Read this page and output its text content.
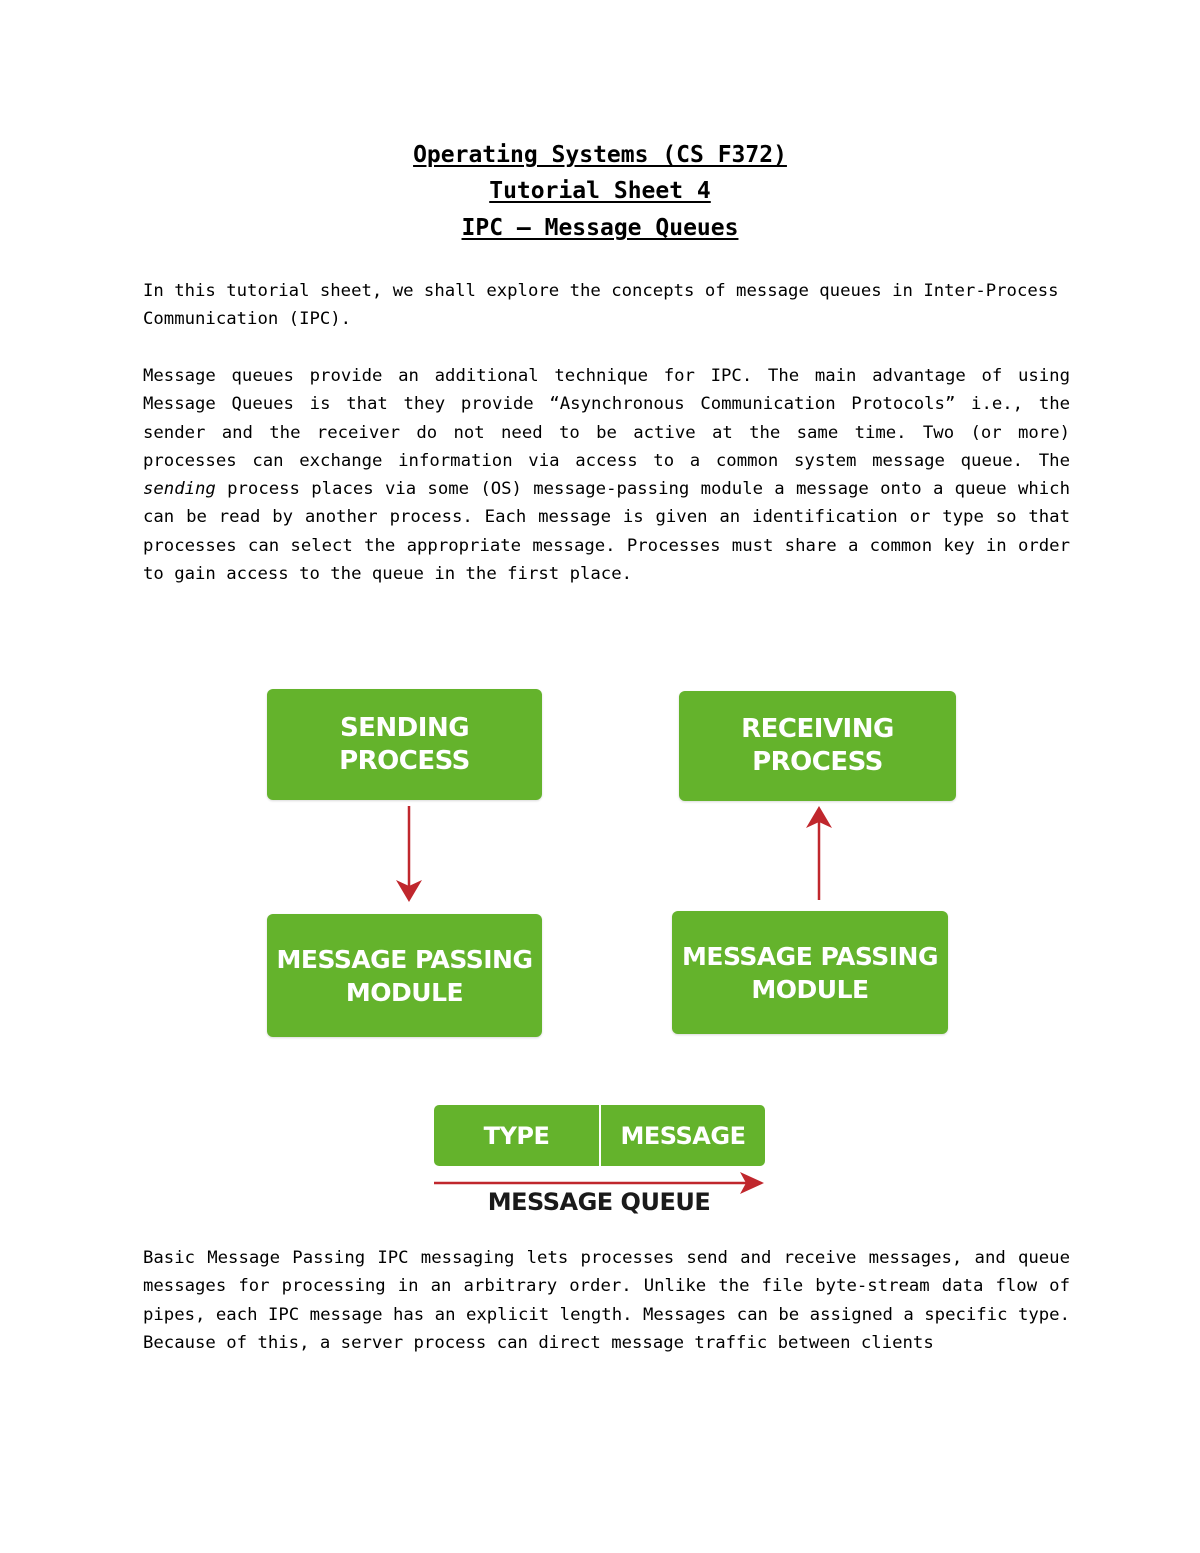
Operating Systems (CS F372)
Tutorial Sheet 4
IPC – Message Queues

In this tutorial sheet, we shall explore the concepts of message queues in Inter-Process Communication (IPC).

Message queues provide an additional technique for IPC. The main advantage of using Message Queues is that they provide “Asynchronous Communication Protocols” i.e., the sender and the receiver do not need to be active at the same time. Two (or more) processes can exchange information via access to a common system message queue. The sending process places via some (OS) message-passing module a message onto a queue which can be read by another process. Each message is given an identification or type so that processes can select the appropriate message. Processes must share a common key in order to gain access to the queue in the first place.

SENDING
PROCESS
RECEIVING
PROCESS
MESSAGE PASSING
MODULE
MESSAGE PASSING
MODULE
TYPE	MESSAGE

MESSAGE QUEUE

Basic Message Passing IPC messaging lets processes send and receive messages, and queue messages for processing in an arbitrary order. Unlike the file byte-stream data flow of pipes, each IPC message has an explicit length. Messages can be assigned a specific type. Because of this, a server process can direct message traffic between clients
